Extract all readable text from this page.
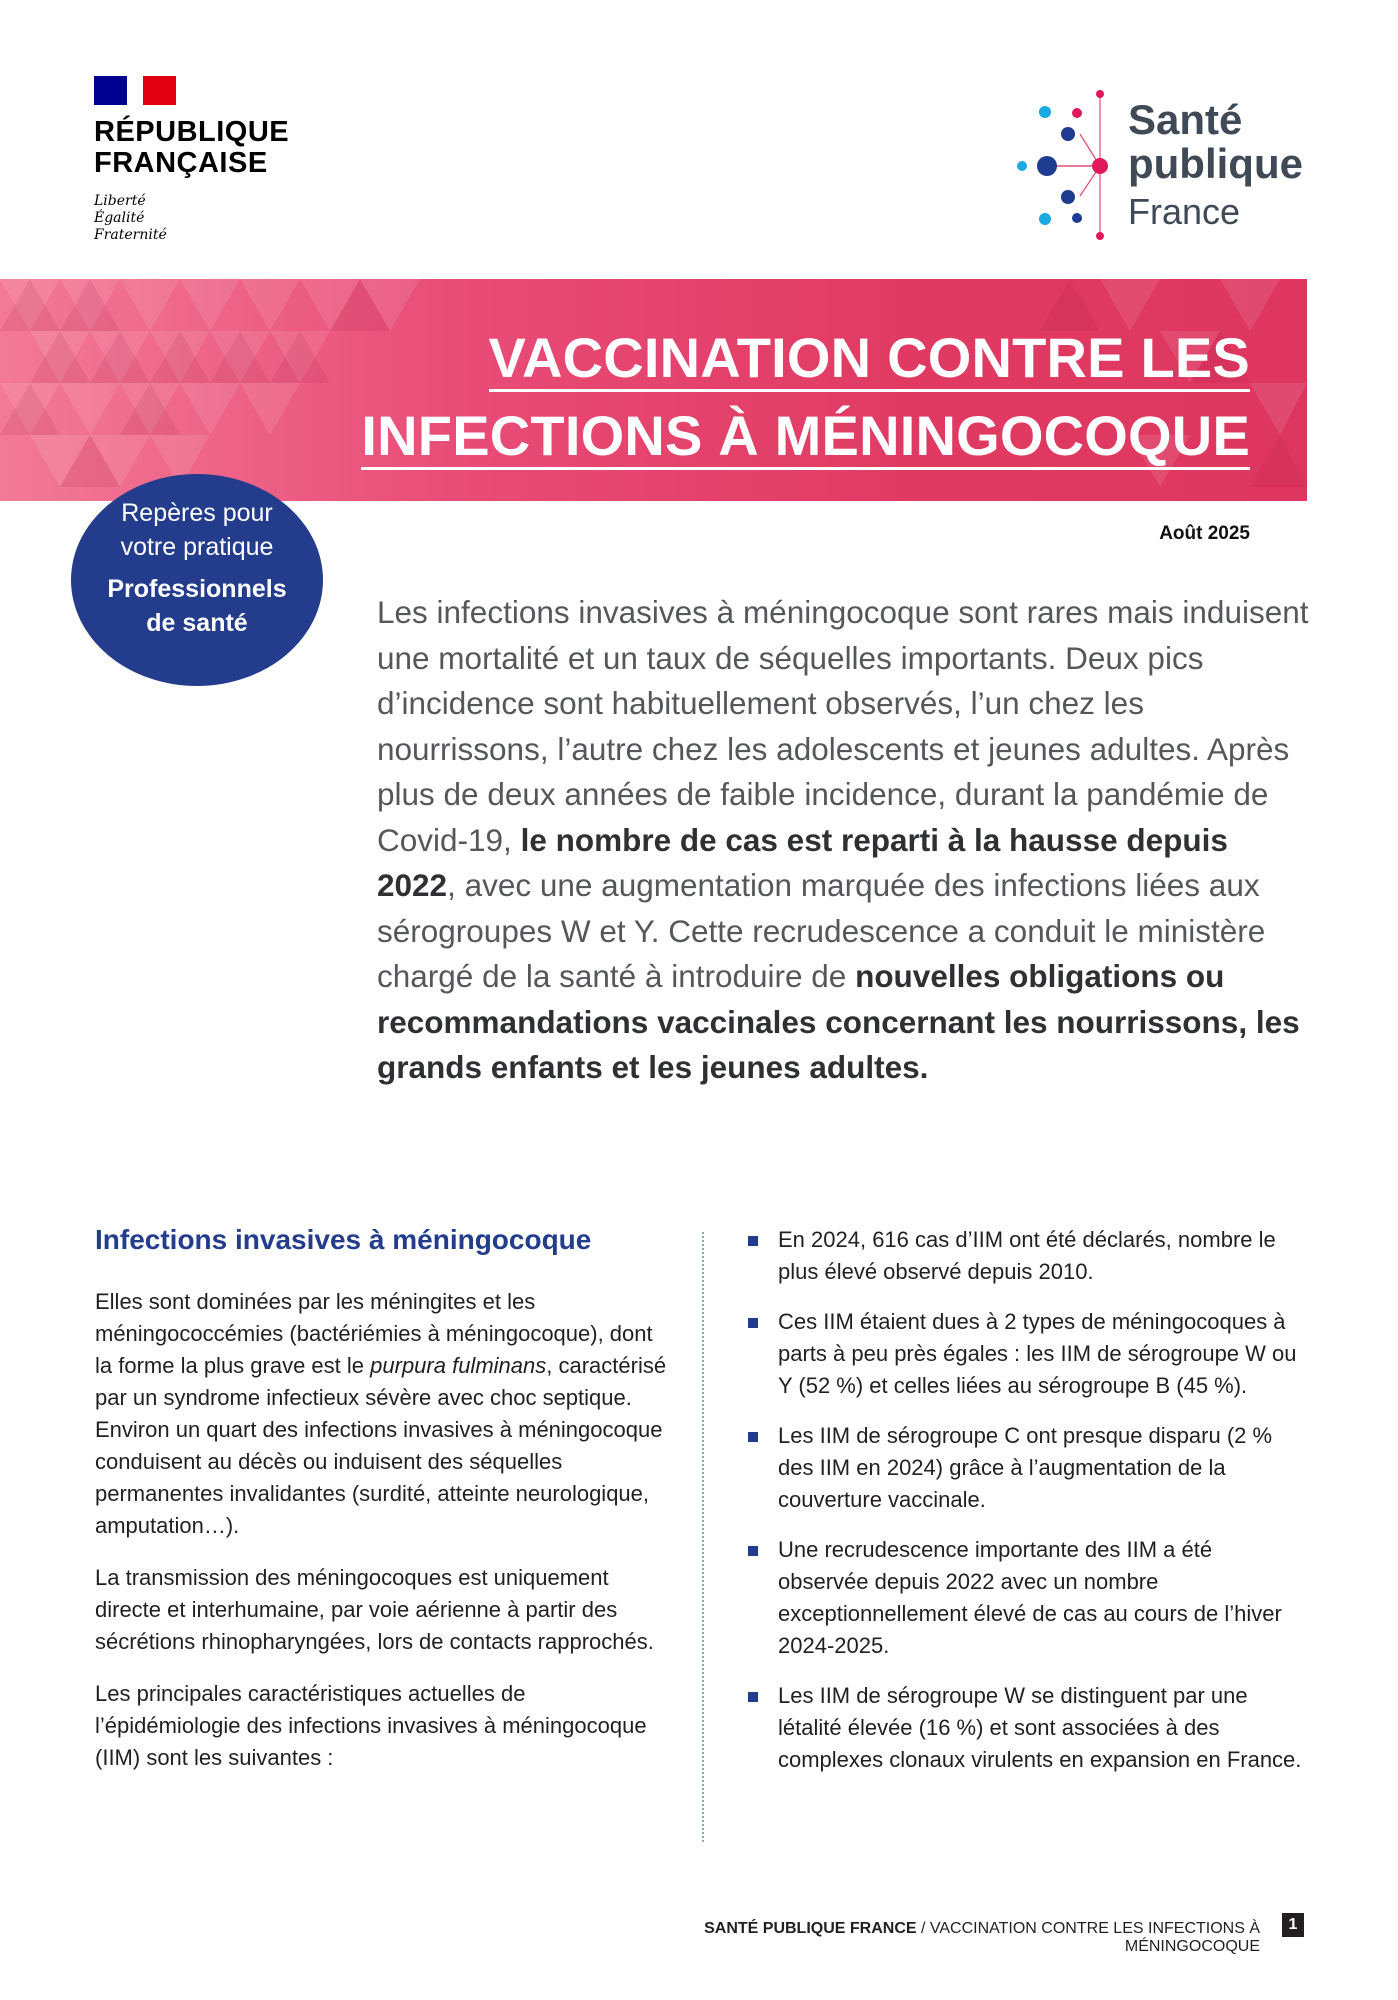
RÉPUBLIQUE
FRANÇAISE
Liberté
Égalité
Fraternité
Santé
publique
France
VACCINATION CONTRE LES
INFECTIONS À MÉNINGOCOQUE
Repères pour
votre pratique
Professionnels
de santé
Août 2025
Les infections invasives à méningocoque sont rares mais induisent une mortalité et un taux de séquelles importants. Deux pics d’incidence sont habituellement observés, l’un chez les nourrissons, l’autre chez les adolescents et jeunes adultes. Après plus de deux années de faible incidence, durant la pandémie de Covid-19, le nombre de cas est reparti à la hausse depuis 2022, avec une augmentation marquée des infections liées aux sérogroupes W et Y. Cette recrudescence a conduit le ministère chargé de la santé à introduire de nouvelles obligations ou recommandations vaccinales concernant les nourrissons, les grands enfants et les jeunes adultes.
Infections invasives à méningocoque

Elles sont dominées par les méningites et les méningococcémies (bactériémies à méningocoque), dont la forme la plus grave est le purpura fulminans, caractérisé par un syndrome infectieux sévère avec choc septique. Environ un quart des infections invasives à méningocoque conduisent au décès ou induisent des séquelles permanentes invalidantes (surdité, atteinte neurologique, amputation…).

La transmission des méningocoques est uniquement directe et interhumaine, par voie aérienne à partir des sécrétions rhinopharyngées, lors de contacts rapprochés.

Les principales caractéristiques actuelles de l’épidémiologie des infections invasives à méningocoque (IIM) sont les suivantes :

En 2024, 616 cas d’IIM ont été déclarés, nombre le plus élevé observé depuis 2010.

Ces IIM étaient dues à 2 types de méningocoques à parts à peu près égales : les IIM de sérogroupe W ou Y (52 %) et celles liées au sérogroupe B (45 %).

Les IIM de sérogroupe C ont presque disparu (2 % des IIM en 2024) grâce à l’augmentation de la couverture vaccinale.

Une recrudescence importante des IIM a été observée depuis 2022 avec un nombre exceptionnellement élevé de cas au cours de l’hiver 2024-2025.

Les IIM de sérogroupe W se distinguent par une létalité élevée (16 %) et sont associées à des complexes clonaux virulents en expansion en France.

SANTÉ PUBLIQUE FRANCE / VACCINATION CONTRE LES INFECTIONS À MÉNINGOCOQUE
1
